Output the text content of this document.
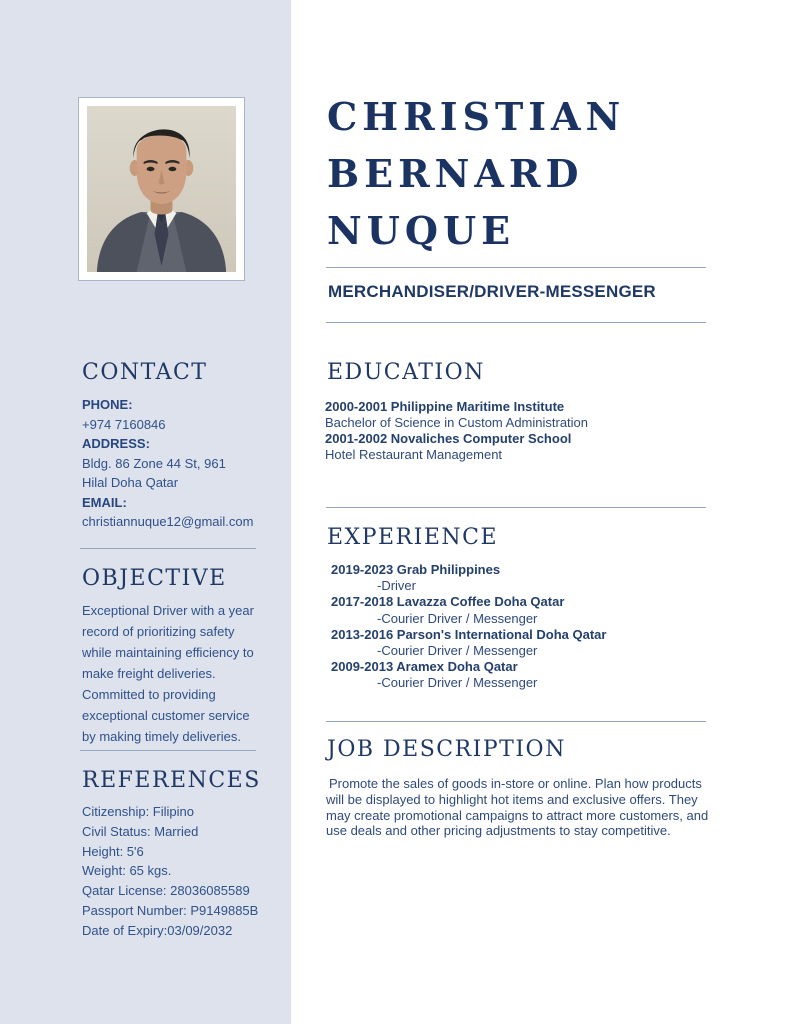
CHRISTIAN
BERNARD
NUQUE
MERCHANDISER/DRIVER-MESSENGER
CONTACT
PHONE:
+974 7160846
ADDRESS:
Bldg. 86 Zone 44 St, 961
Hilal Doha Qatar
EMAIL:
christiannuque12@gmail.com
OBJECTIVE

Exceptional Driver with a year record of prioritizing safety while maintaining efficiency to make freight deliveries. Committed to providing exceptional customer service by making timely deliveries.

REFERENCES
Citizenship: Filipino
Civil Status: Married
Height: 5'6
Weight: 65 kgs.
Qatar License: 28036085589
Passport Number: P9149885B
Date of Expiry:03/09/2032
EDUCATION
2000-2001 Philippine Maritime Institute
Bachelor of Science in Custom Administration
2001-2002 Novaliches Computer School
Hotel Restaurant Management
EXPERIENCE
2019-2023 Grab Philippines
-Driver
2017-2018 Lavazza Coffee Doha Qatar
-Courier Driver / Messenger
2013-2016 Parson's International Doha Qatar
-Courier Driver / Messenger
2009-2013 Aramex Doha Qatar
-Courier Driver / Messenger
JOB DESCRIPTION

Promote the sales of goods in-store or online. Plan how products will be displayed to highlight hot items and exclusive offers. They may create promotional campaigns to attract more customers, and use deals and other pricing adjustments to stay competitive.
